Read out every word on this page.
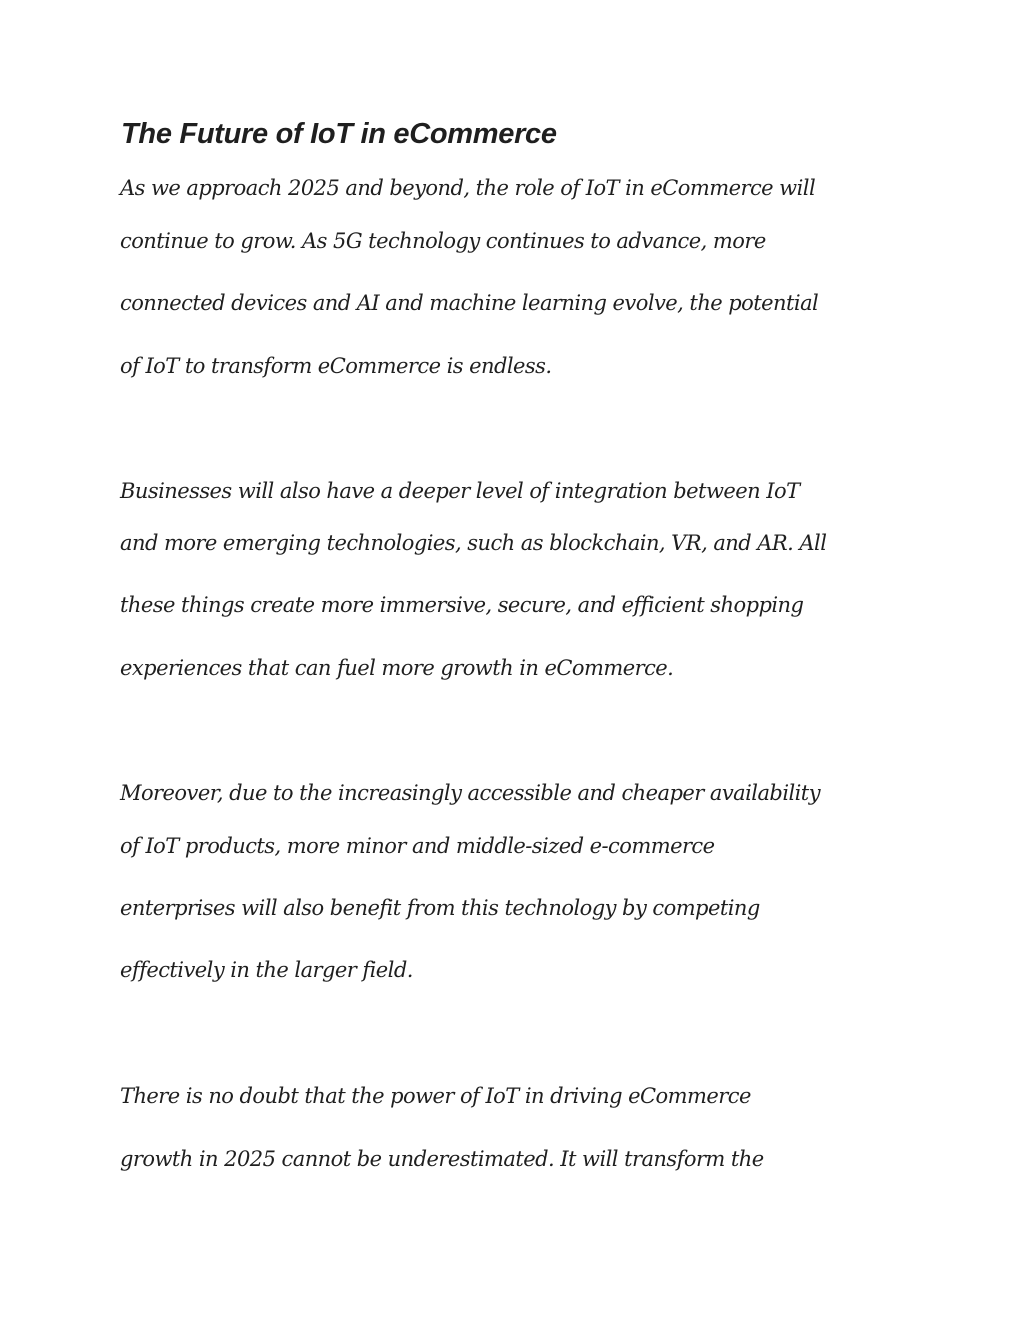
The Future of IoT in eCommerce

As we approach 2025 and beyond, the role of IoT in eCommerce will

continue to grow. As 5G technology continues to advance, more

connected devices and AI and machine learning evolve, the potential

of IoT to transform eCommerce is endless.

Businesses will also have a deeper level of integration between IoT

and more emerging technologies, such as blockchain, VR, and AR. All

these things create more immersive, secure, and efficient shopping

experiences that can fuel more growth in eCommerce.

Moreover, due to the increasingly accessible and cheaper availability

of IoT products, more minor and middle-sized e-commerce

enterprises will also benefit from this technology by competing

effectively in the larger field.

There is no doubt that the power of IoT in driving eCommerce

growth in 2025 cannot be underestimated. It will transform the
